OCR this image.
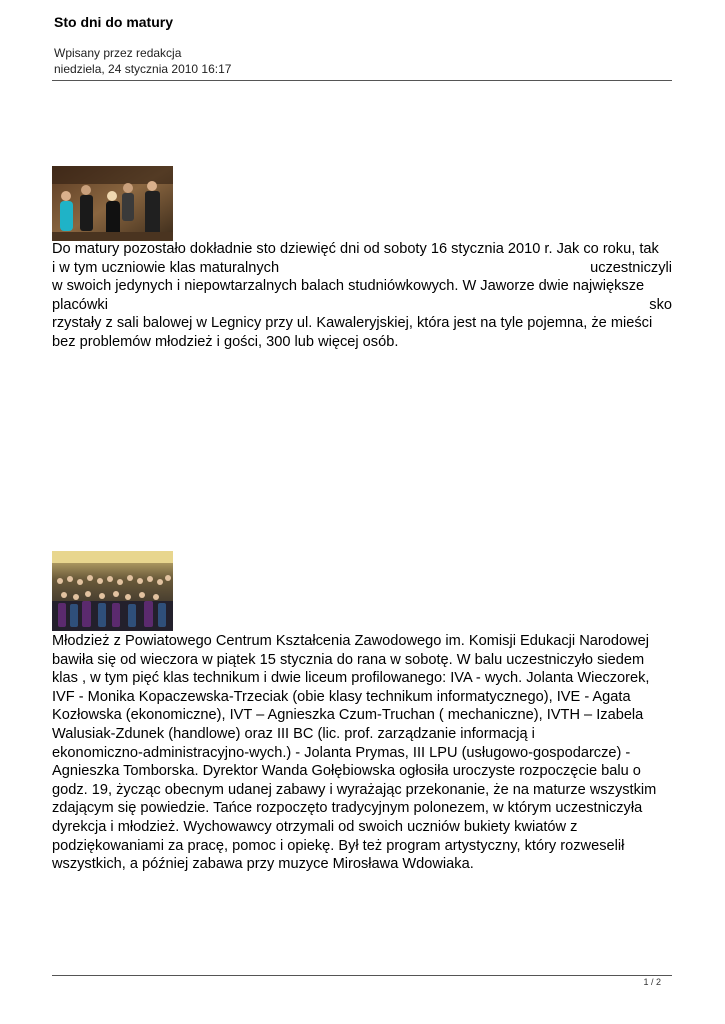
Sto dni do matury
Wpisany przez redakcja
niedziela, 24 stycznia 2010 16:17
Do matury pozostało dokładnie sto dziewięć dni od soboty 16 stycznia 2010 r. Jak co roku, tak
i w tym uczniowie klas maturalnych	uczestniczyli
w swoich jedynych i niepowtarzalnych balach studniówkowych. W Jaworze dwie największe
placówki	sko
rzystały z sali balowej w Legnicy przy ul. Kawaleryjskiej, która jest na tyle pojemna, że mieści
bez problemów młodzież i gości, 300 lub więcej osób.
Młodzież z Powiatowego Centrum Kształcenia Zawodowego im. Komisji Edukacji Narodowej
bawiła się od wieczora w piątek 15 stycznia do rana w sobotę. W balu uczestniczyło siedem
klas , w tym pięć klas technikum i dwie liceum profilowanego: IVA - wych. Jolanta Wieczorek,
IVF - Monika Kopaczewska-Trzeciak (obie klasy technikum informatycznego), IVE - Agata
Kozłowska (ekonomiczne), IVT – Agnieszka Czum-Truchan ( mechaniczne), IVTH – Izabela
Walusiak-Zdunek (handlowe) oraz III BC (lic. prof. zarządzanie informacją i
ekonomiczno-administracyjno-wych.) - Jolanta Prymas, III LPU (usługowo-gospodarcze) -
Agnieszka Tomborska. Dyrektor Wanda Gołębiowska ogłosiła uroczyste rozpoczęcie balu o
godz. 19, życząc obecnym udanej zabawy i wyrażając przekonanie, że na maturze wszystkim
zdającym się powiedzie. Tańce rozpoczęto tradycyjnym polonezem, w którym uczestniczyła
dyrekcja i młodzież. Wychowawcy otrzymali od swoich uczniów bukiety kwiatów z
podziękowaniami za pracę, pomoc i opiekę. Był też program artystyczny, który rozweselił
wszystkich, a później zabawa przy muzyce Mirosława Wdowiaka.
1 / 2
